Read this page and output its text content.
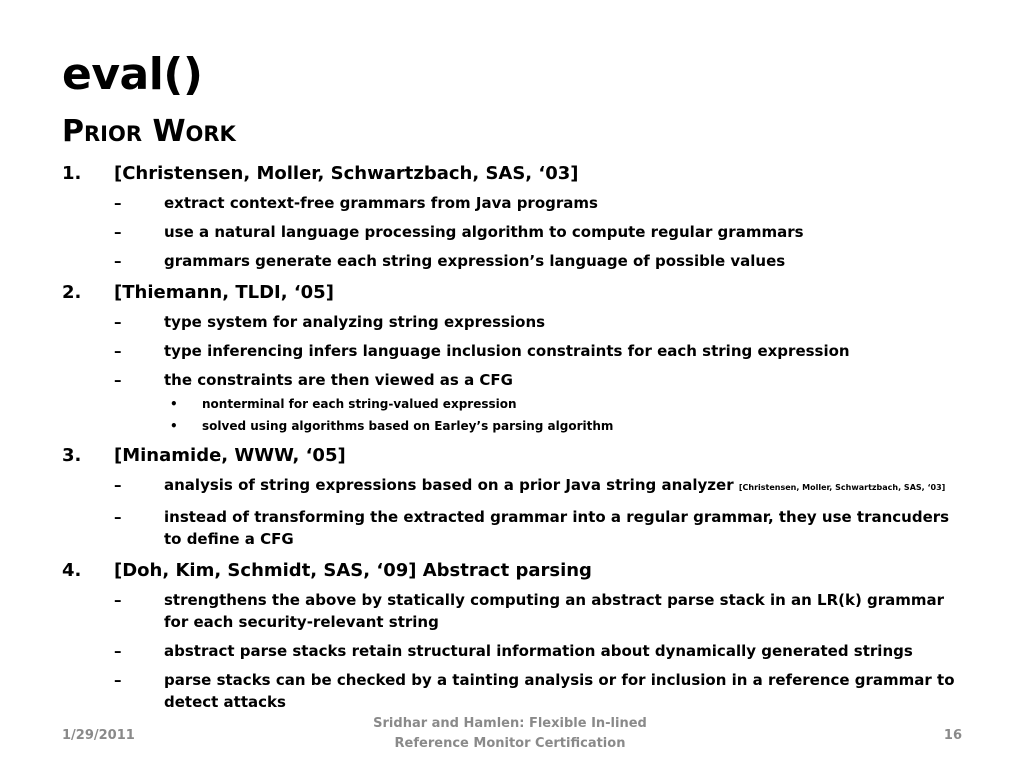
eval()
Prior Work
1. [Christensen, Moller, Schwartzbach, SAS, ‘03]
–	extract context-free grammars from Java programs
–	use a natural language processing algorithm to compute regular grammars
–	grammars generate each string expression’s language of possible values
2. [Thiemann, TLDI, ‘05]
–	type system for analyzing string expressions
–	type inferencing infers language inclusion constraints for each string expression
–	the constraints are then viewed as a CFG
• nonterminal for each string-valued expression
• solved using algorithms based on Earley’s parsing algorithm
3. [Minamide, WWW, ‘05]
–	analysis of string expressions based on a prior Java string analyzer [Christensen, Moller, Schwartzbach, SAS, ‘03]
–	instead of transforming the extracted grammar into a regular grammar, they use trancuders to define a CFG
4. [Doh, Kim, Schmidt, SAS, ‘09] Abstract parsing
–	strengthens the above by statically computing an abstract parse stack in an LR(k) grammar for each security-relevant string
–	abstract parse stacks retain structural information about dynamically generated strings
–	parse stacks can be checked by a tainting analysis or for inclusion in a reference grammar to detect attacks
1/29/2011
Sridhar and Hamlen: Flexible In-lined
Reference Monitor Certification
16
